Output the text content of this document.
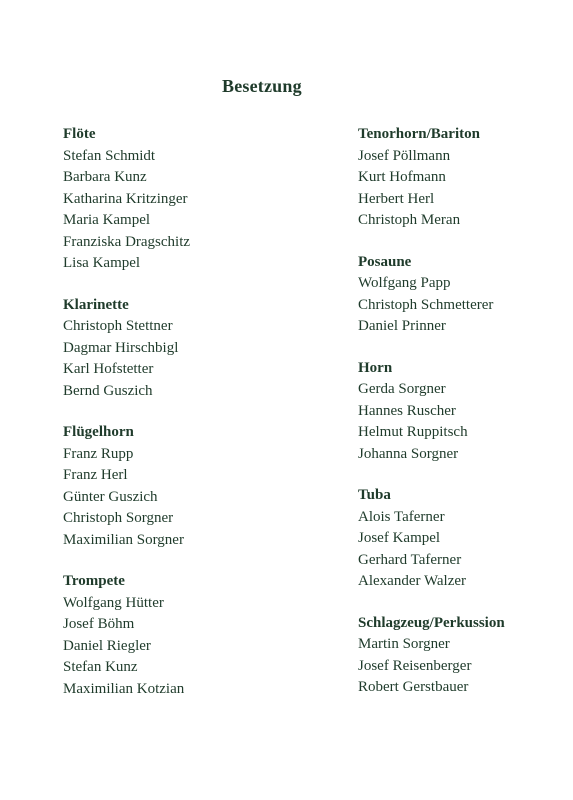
Besetzung
Flöte
Stefan Schmidt
Barbara Kunz
Katharina Kritzinger
Maria Kampel
Franziska Dragschitz
Lisa Kampel
Klarinette
Christoph Stettner
Dagmar Hirschbigl
Karl Hofstetter
Bernd Guszich
Flügelhorn
Franz Rupp
Franz Herl
Günter Guszich
Christoph Sorgner
Maximilian Sorgner
Trompete
Wolfgang Hütter
Josef Böhm
Daniel Riegler
Stefan Kunz
Maximilian Kotzian
Tenorhorn/Bariton
Josef Pöllmann
Kurt Hofmann
Herbert Herl
Christoph Meran
Posaune
Wolfgang Papp
Christoph Schmetterer
Daniel Prinner
Horn
Gerda Sorgner
Hannes Ruscher
Helmut Ruppitsch
Johanna Sorgner
Tuba
Alois Taferner
Josef Kampel
Gerhard Taferner
Alexander Walzer
Schlagzeug/Perkussion
Martin Sorgner
Josef Reisenberger
Robert Gerstbauer
